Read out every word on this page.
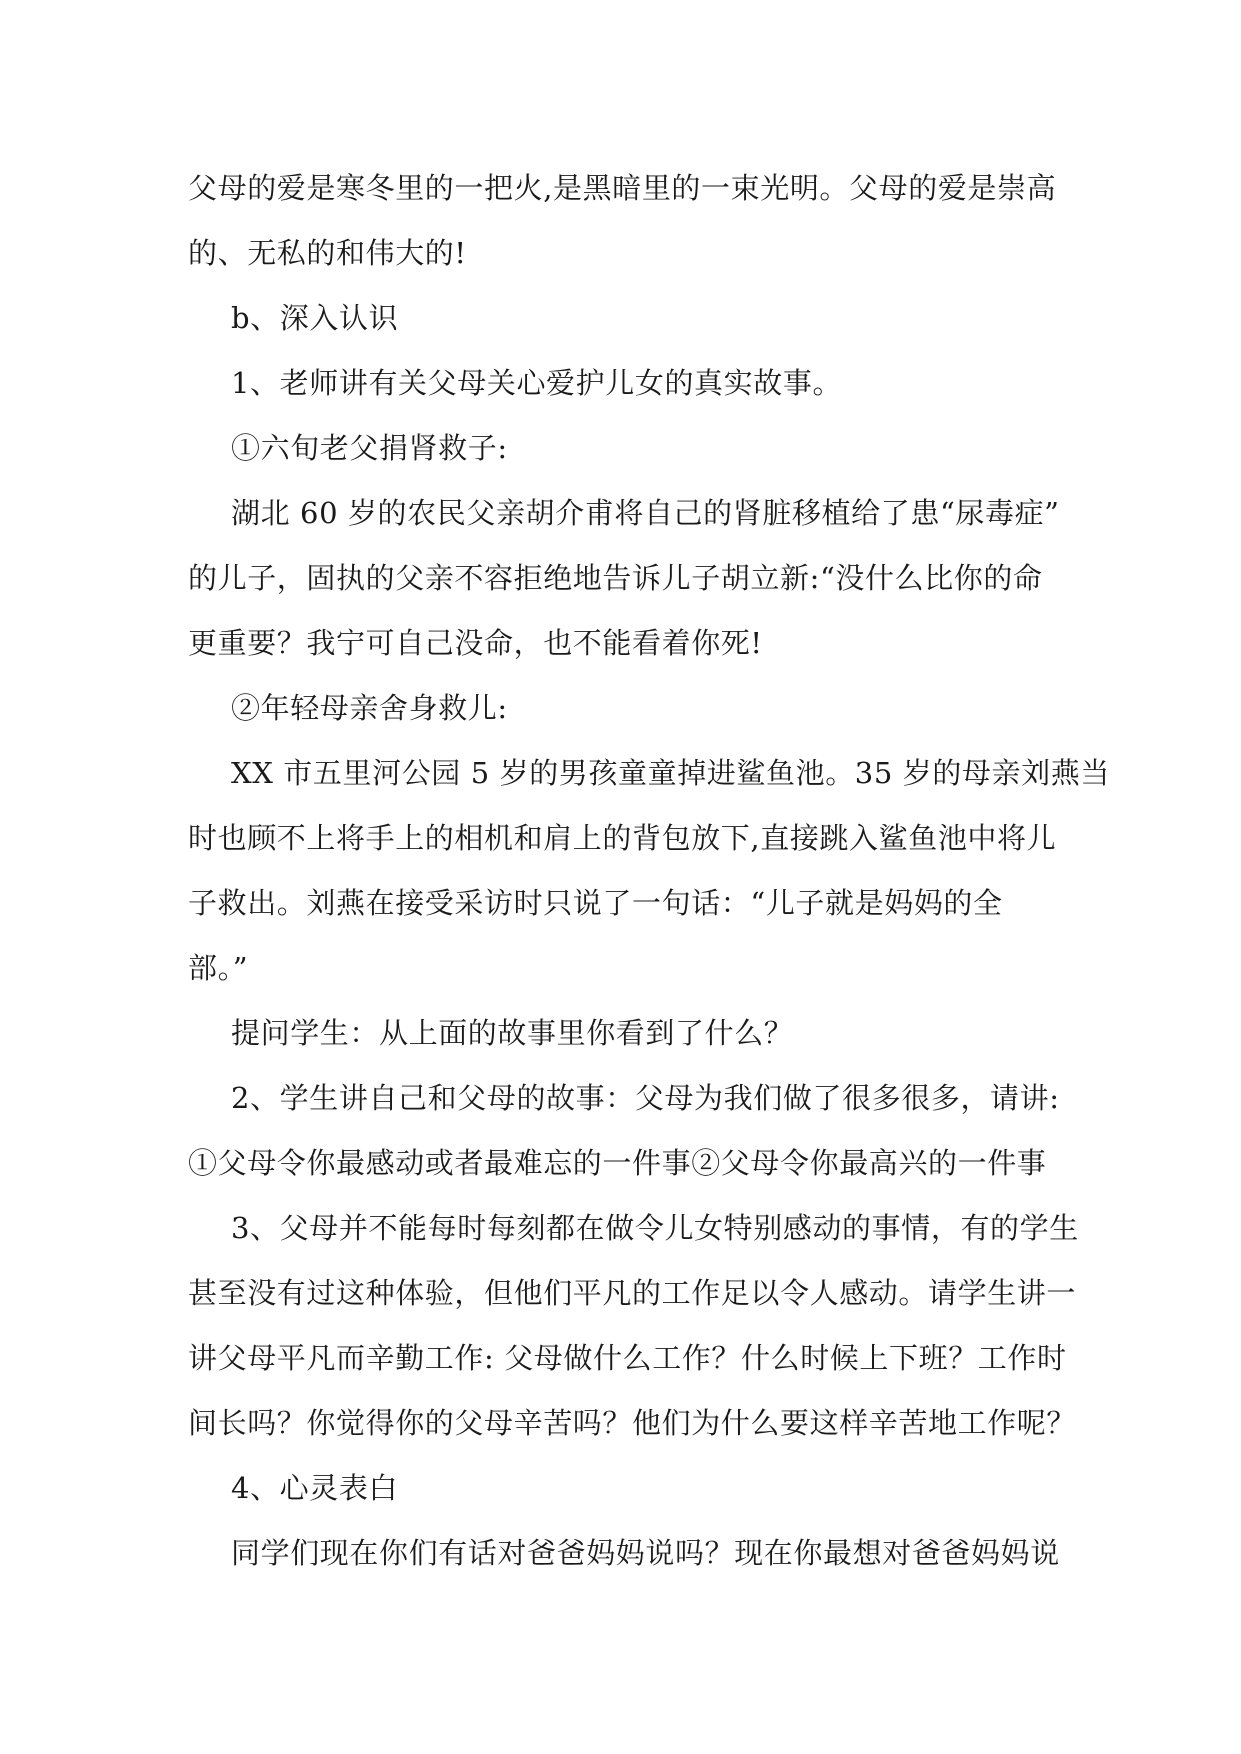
父母的爱是寒冬里的一把火,是黑暗里的一束光明。父母的爱是崇高
的、无私的和伟大的!
b、深入认识
1、老师讲有关父母关心爱护儿女的真实故事。
①六旬老父捐肾救子:
湖北 60 岁的农民父亲胡介甫将自己的肾脏移植给了患“尿毒症”
的儿子，固执的父亲不容拒绝地告诉儿子胡立新:“没什么比你的命
更重要？我宁可自己没命，也不能看着你死!
②年轻母亲舍身救儿:
XX 市五里河公园 5 岁的男孩童童掉进鲨鱼池。35 岁的母亲刘燕当
时也顾不上将手上的相机和肩上的背包放下,直接跳入鲨鱼池中将儿
子救出。刘燕在接受采访时只说了一句话：“儿子就是妈妈的全
部。”
提问学生：从上面的故事里你看到了什么？
2、学生讲自己和父母的故事：父母为我们做了很多很多，请讲:
①父母令你最感动或者最难忘的一件事②父母令你最高兴的一件事
3、父母并不能每时每刻都在做令儿女特别感动的事情，有的学生
甚至没有过这种体验，但他们平凡的工作足以令人感动。请学生讲一
讲父母平凡而辛勤工作: 父母做什么工作？什么时候上下班？工作时
间长吗？你觉得你的父母辛苦吗？他们为什么要这样辛苦地工作呢？
4、心灵表白
同学们现在你们有话对爸爸妈妈说吗？现在你最想对爸爸妈妈说
